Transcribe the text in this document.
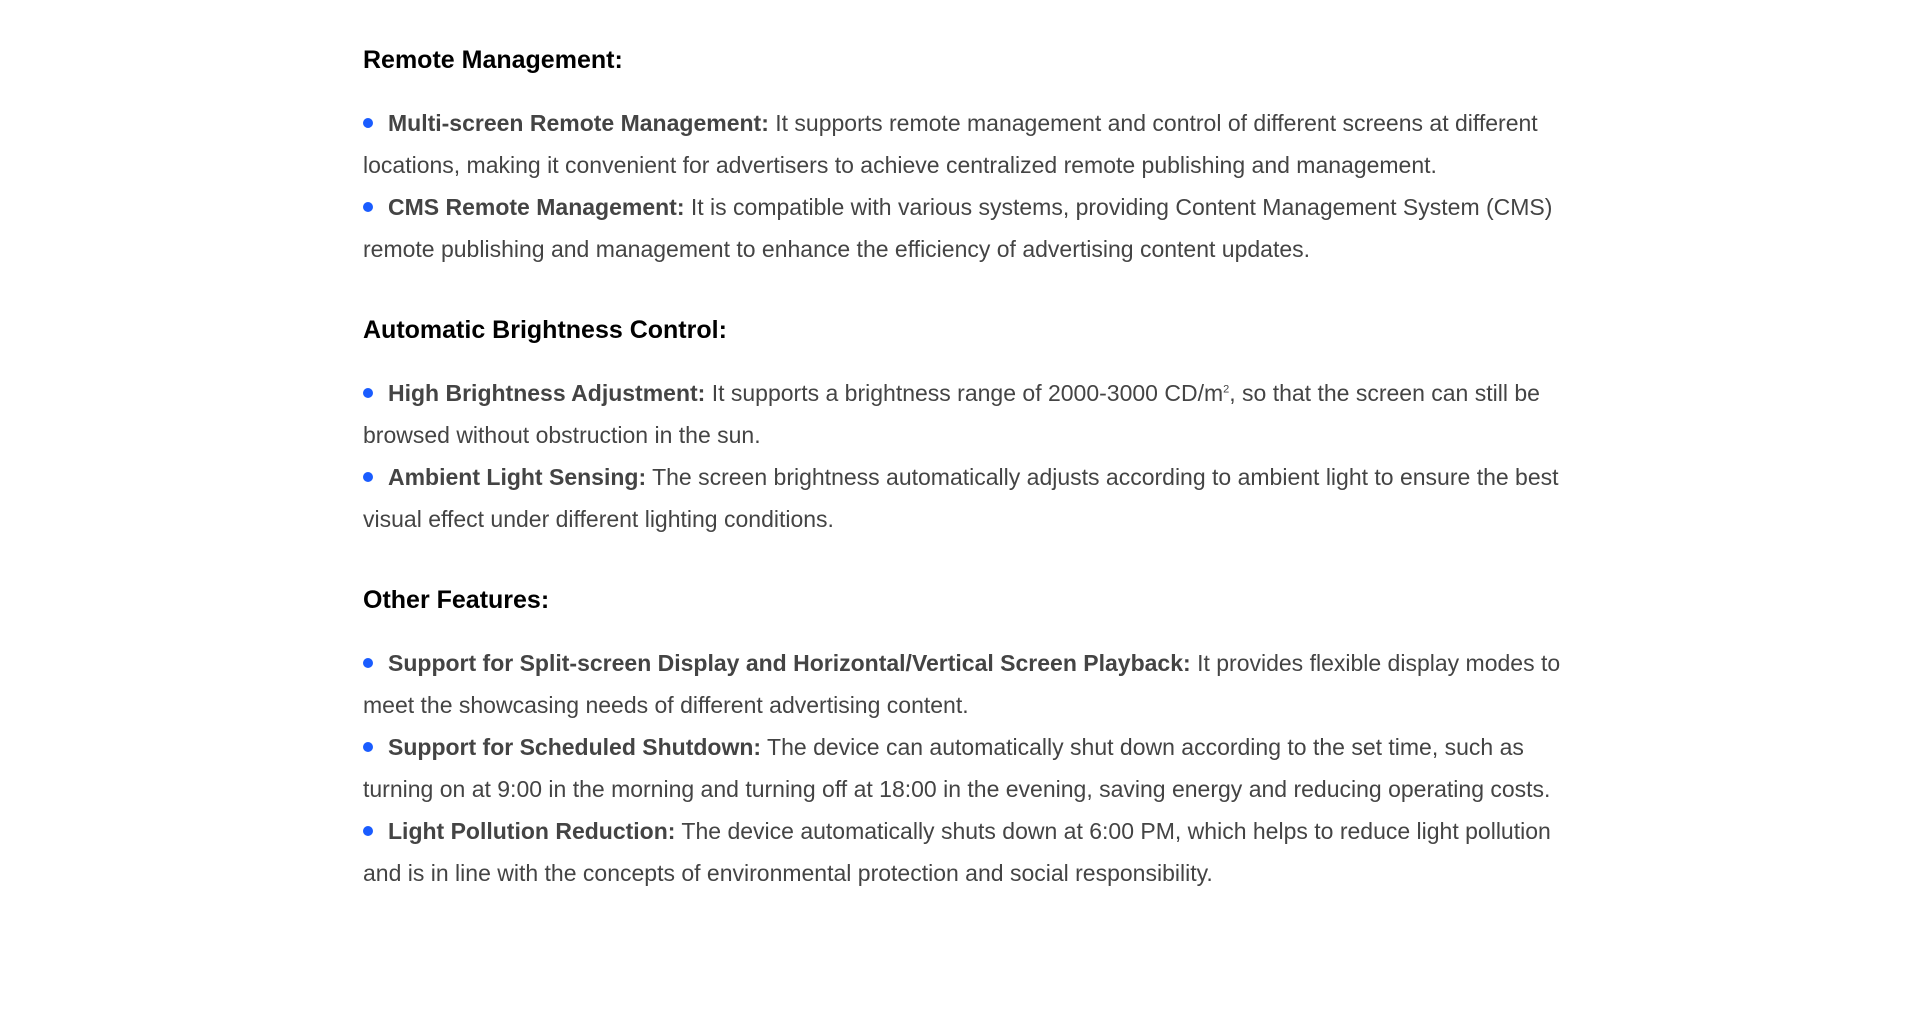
Remote Management:
Multi-screen Remote Management: It supports remote management and control of different screens at different locations, making it convenient for advertisers to achieve centralized remote publishing and management.
CMS Remote Management: It is compatible with various systems, providing Content Management System (CMS) remote publishing and management to enhance the efficiency of advertising content updates.
Automatic Brightness Control:
High Brightness Adjustment: It supports a brightness range of 2000-3000 $CD/m^2$, so that the screen can still be browsed without obstruction in the sun.
Ambient Light Sensing: The screen brightness automatically adjusts according to ambient light to ensure the best visual effect under different lighting conditions.
Other Features:
Support for Split-screen Display and Horizontal/Vertical Screen Playback: It provides flexible display modes to meet the showcasing needs of different advertising content.
Support for Scheduled Shutdown: The device can automatically shut down according to the set time, such as turning on at 9:00 in the morning and turning off at 18:00 in the evening, saving energy and reducing operating costs.
Light Pollution Reduction: The device automatically shuts down at 6:00 PM, which helps to reduce light pollution and is in line with the concepts of environmental protection and social responsibility.
